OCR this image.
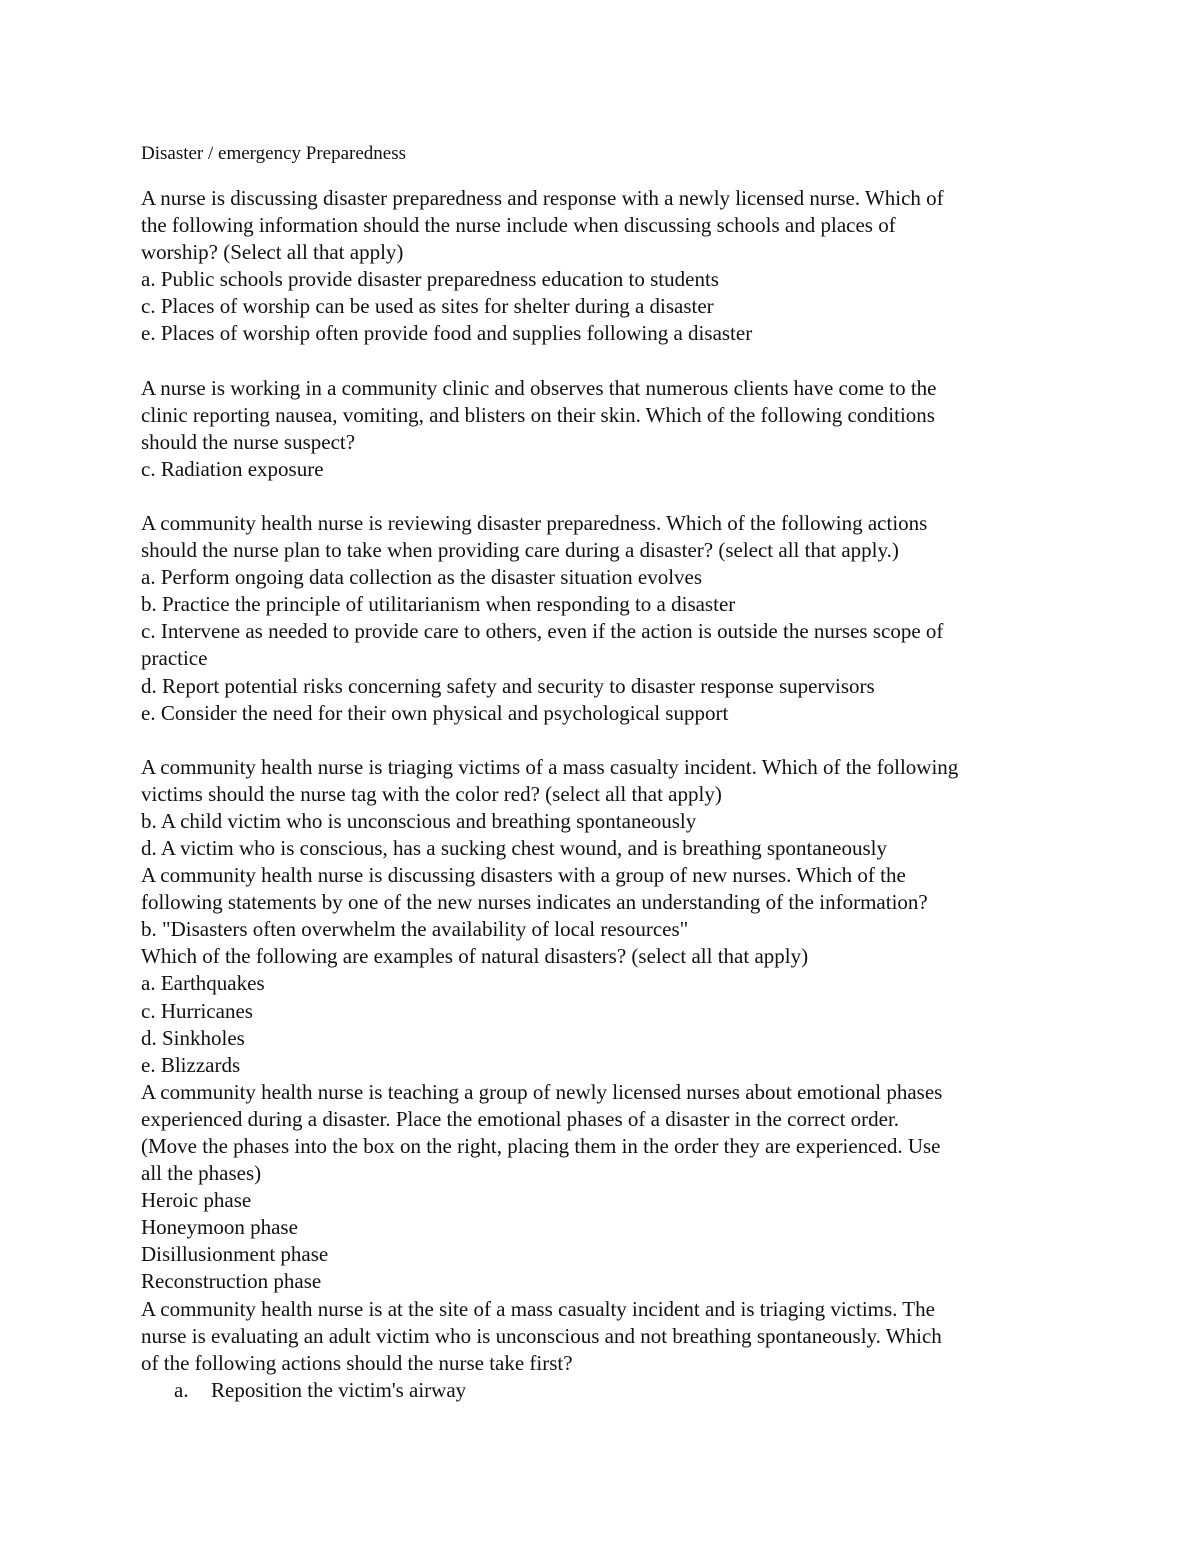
Disaster / emergency Preparedness
A nurse is discussing disaster preparedness and response with a newly licensed nurse. Which of
the following information should the nurse include when discussing schools and places of
worship? (Select all that apply)
a. Public schools provide disaster preparedness education to students
c. Places of worship can be used as sites for shelter during a disaster
e. Places of worship often provide food and supplies following a disaster
A nurse is working in a community clinic and observes that numerous clients have come to the
clinic reporting nausea, vomiting, and blisters on their skin. Which of the following conditions
should the nurse suspect?
c. Radiation exposure
A community health nurse is reviewing disaster preparedness. Which of the following actions
should the nurse plan to take when providing care during a disaster? (select all that apply.)
a. Perform ongoing data collection as the disaster situation evolves
b. Practice the principle of utilitarianism when responding to a disaster
c. Intervene as needed to provide care to others, even if the action is outside the nurses scope of
practice
d. Report potential risks concerning safety and security to disaster response supervisors
e. Consider the need for their own physical and psychological support
A community health nurse is triaging victims of a mass casualty incident. Which of the following
victims should the nurse tag with the color red? (select all that apply)
b. A child victim who is unconscious and breathing spontaneously
d. A victim who is conscious, has a sucking chest wound, and is breathing spontaneously
A community health nurse is discussing disasters with a group of new nurses. Which of the
following statements by one of the new nurses indicates an understanding of the information?
b. "Disasters often overwhelm the availability of local resources"
Which of the following are examples of natural disasters? (select all that apply)
a. Earthquakes
c. Hurricanes
d. Sinkholes
e. Blizzards
A community health nurse is teaching a group of newly licensed nurses about emotional phases
experienced during a disaster. Place the emotional phases of a disaster in the correct order.
(Move the phases into the box on the right, placing them in the order they are experienced. Use
all the phases)
Heroic phase
Honeymoon phase
Disillusionment phase
Reconstruction phase
A community health nurse is at the site of a mass casualty incident and is triaging victims. The
nurse is evaluating an adult victim who is unconscious and not breathing spontaneously. Which
of the following actions should the nurse take first?
a. Reposition the victim's airway
